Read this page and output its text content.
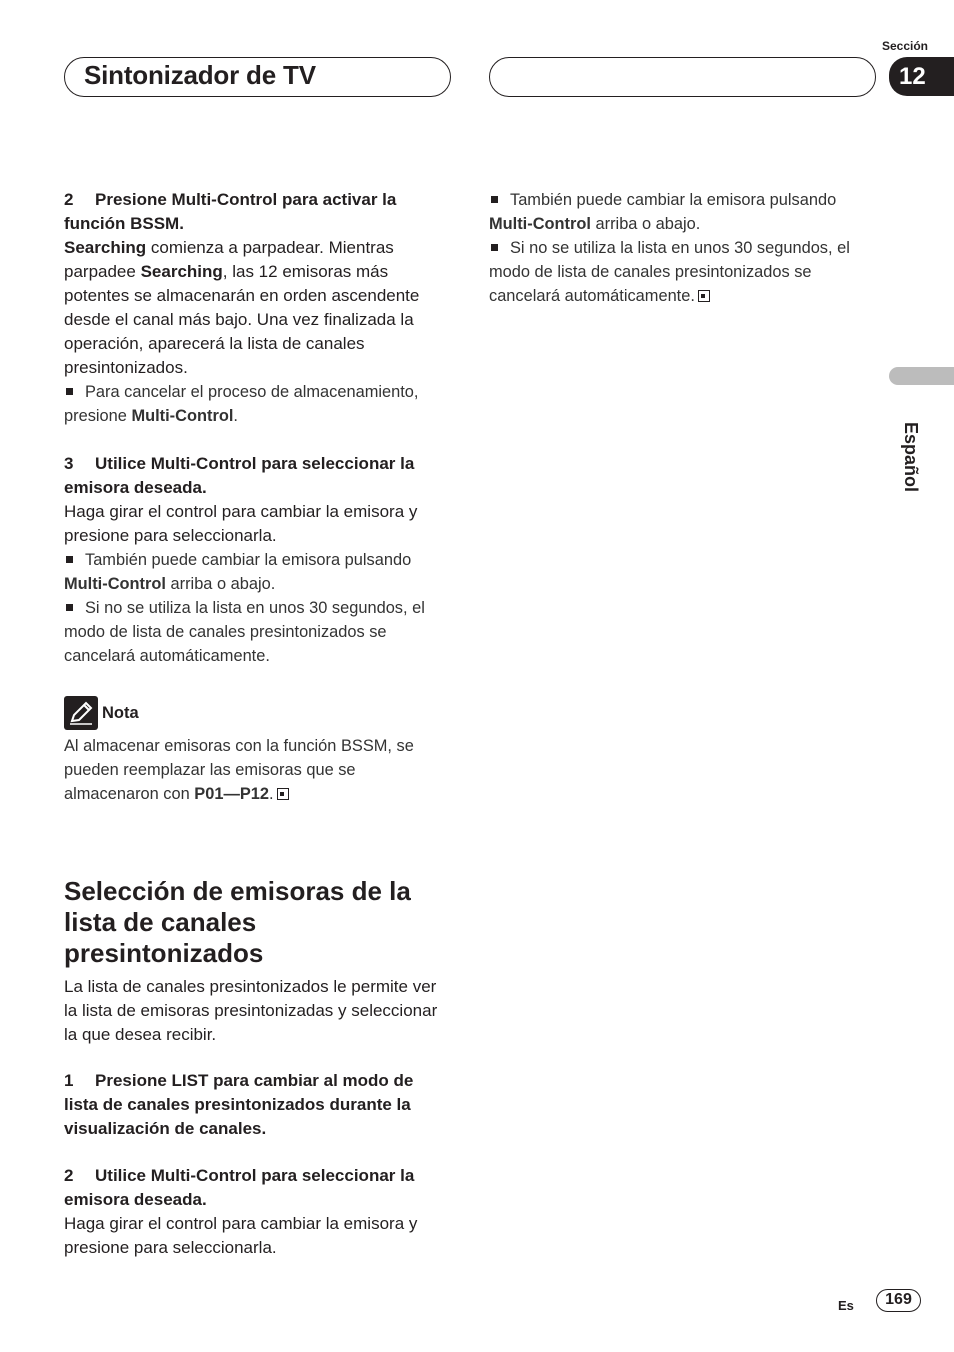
Sintonizador de TV
Sección
12
Español

2 Presione Multi-Control para activar la función BSSM.

Searching comienza a parpadear. Mientras parpadee Searching, las 12 emisoras más potentes se almacenarán en orden ascendente desde el canal más bajo. Una vez finalizada la operación, aparecerá la lista de canales presintonizados.

Para cancelar el proceso de almacenamiento, presione Multi-Control.

3 Utilice Multi-Control para seleccionar la emisora deseada.

Haga girar el control para cambiar la emisora y presione para seleccionarla.

También puede cambiar la emisora pulsando Multi-Control arriba o abajo.

Si no se utiliza la lista en unos 30 segundos, el modo de lista de canales presintonizados se cancelará automáticamente.

Nota

Al almacenar emisoras con la función BSSM, se pueden reemplazar las emisoras que se almacenaron con P01—P12.

Selección de emisoras de la lista de canales presintonizados

La lista de canales presintonizados le permite ver la lista de emisoras presintonizadas y seleccionar la que desea recibir.

1 Presione LIST para cambiar al modo de lista de canales presintonizados durante la visualización de canales.

2 Utilice Multi-Control para seleccionar la emisora deseada.

Haga girar el control para cambiar la emisora y presione para seleccionarla.

También puede cambiar la emisora pulsando Multi-Control arriba o abajo.

Si no se utiliza la lista en unos 30 segundos, el modo de lista de canales presintonizados se cancelará automáticamente.

Es	169
